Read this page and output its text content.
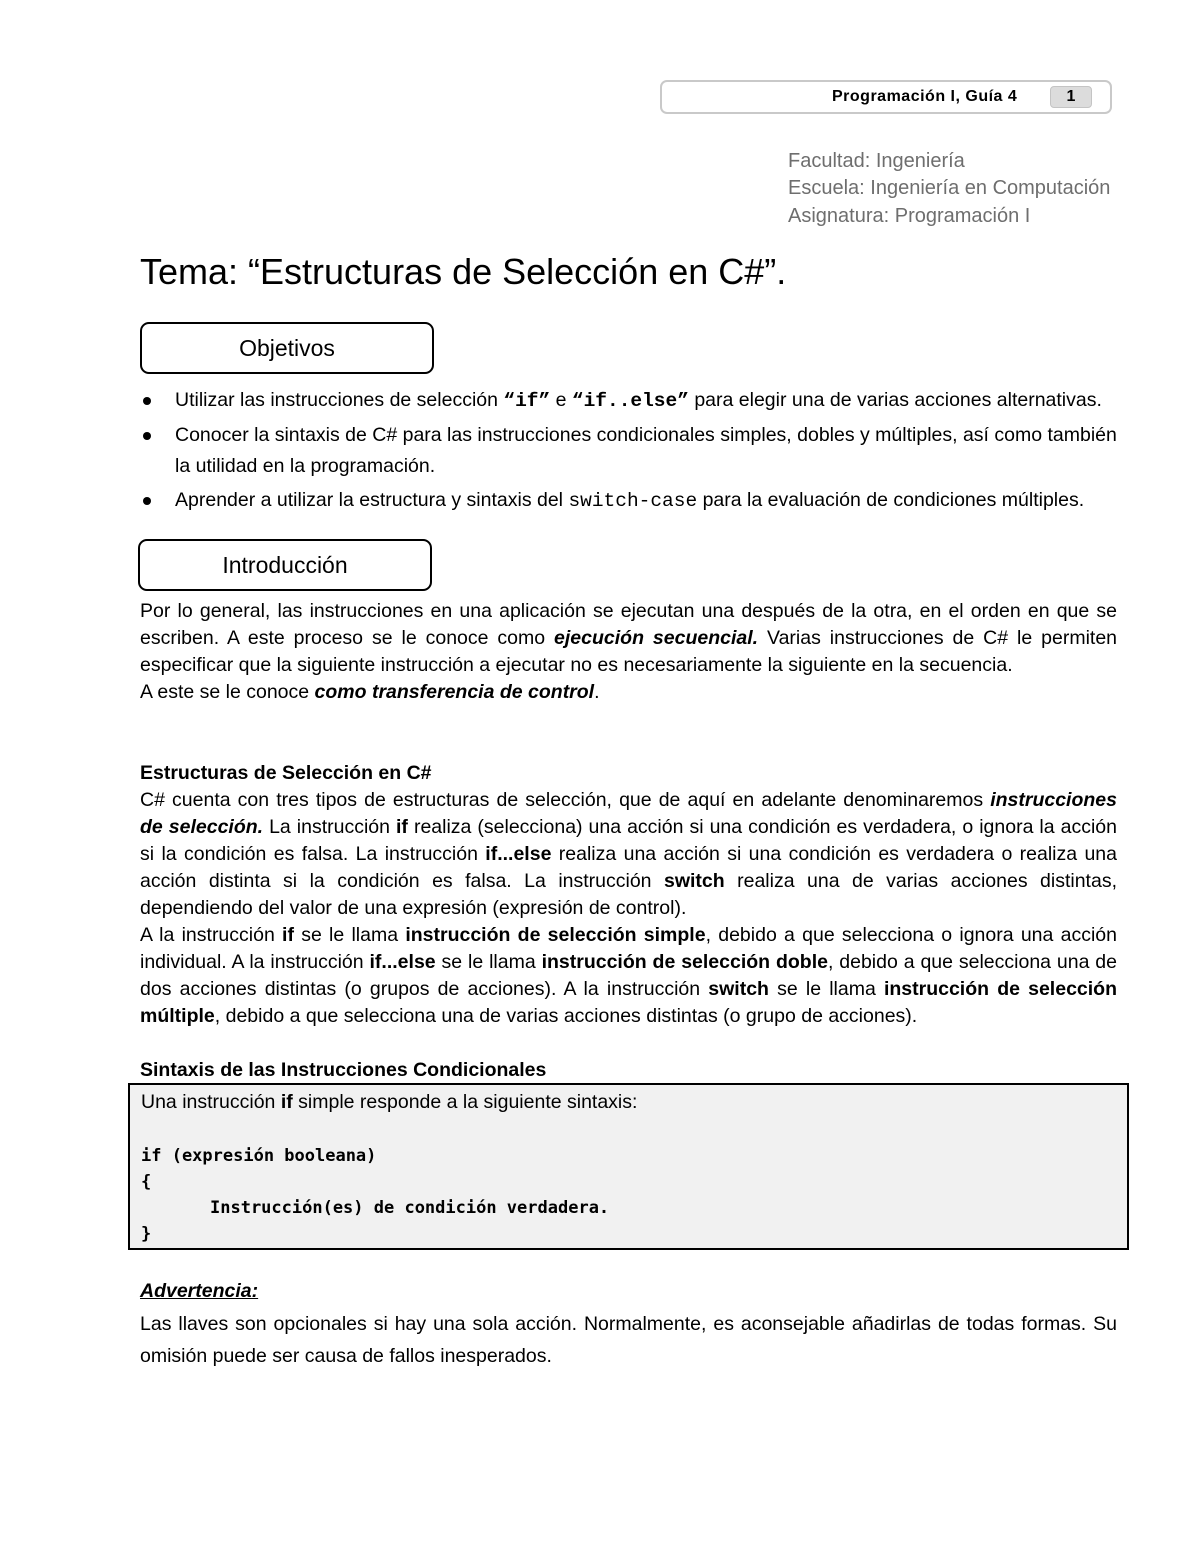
Programación I, Guía 4	1
Facultad: Ingeniería
Escuela: Ingeniería en Computación
Asignatura: Programación I
Tema: “Estructuras de Selección en C#”.
Objetivos
Utilizar las instrucciones de selección “if” e “if..else” para elegir una de varias acciones alternativas.
Conocer la sintaxis de C# para las instrucciones condicionales simples, dobles y múltiples, así como también la utilidad en la programación.
Aprender a utilizar la estructura y sintaxis del switch-case para la evaluación de condiciones múltiples.
Introducción
Por lo general, las instrucciones en una aplicación se ejecutan una después de la otra, en el orden en que se escriben. A este proceso se le conoce como ejecución secuencial. Varias instrucciones de C# le permiten especificar que la siguiente instrucción a ejecutar no es necesariamente la siguiente en la secuencia.
A este se le conoce como transferencia de control.
Estructuras de Selección en C#
C# cuenta con tres tipos de estructuras de selección, que de aquí en adelante denominaremos instrucciones de selección. La instrucción if realiza (selecciona) una acción si una condición es verdadera, o ignora la acción si la condición es falsa. La instrucción if...else realiza una acción si una condición es verdadera o realiza una acción distinta si la condición es falsa. La instrucción switch realiza una de varias acciones distintas, dependiendo del valor de una expresión (expresión de control).
A la instrucción if se le llama instrucción de selección simple, debido a que selecciona o ignora una acción individual. A la instrucción if...else se le llama instrucción de selección doble, debido a que selecciona una de dos acciones distintas (o grupos de acciones). A la instrucción switch se le llama instrucción de selección múltiple, debido a que selecciona una de varias acciones distintas (o grupo de acciones).
Sintaxis de las Instrucciones Condicionales
Una instrucción if simple responde a la siguiente sintaxis:
if (expresión booleana)
{
Instrucción(es) de condición verdadera.
}
Advertencia:
Las llaves son opcionales si hay una sola acción. Normalmente, es aconsejable añadirlas de todas formas. Su omisión puede ser causa de fallos inesperados.
